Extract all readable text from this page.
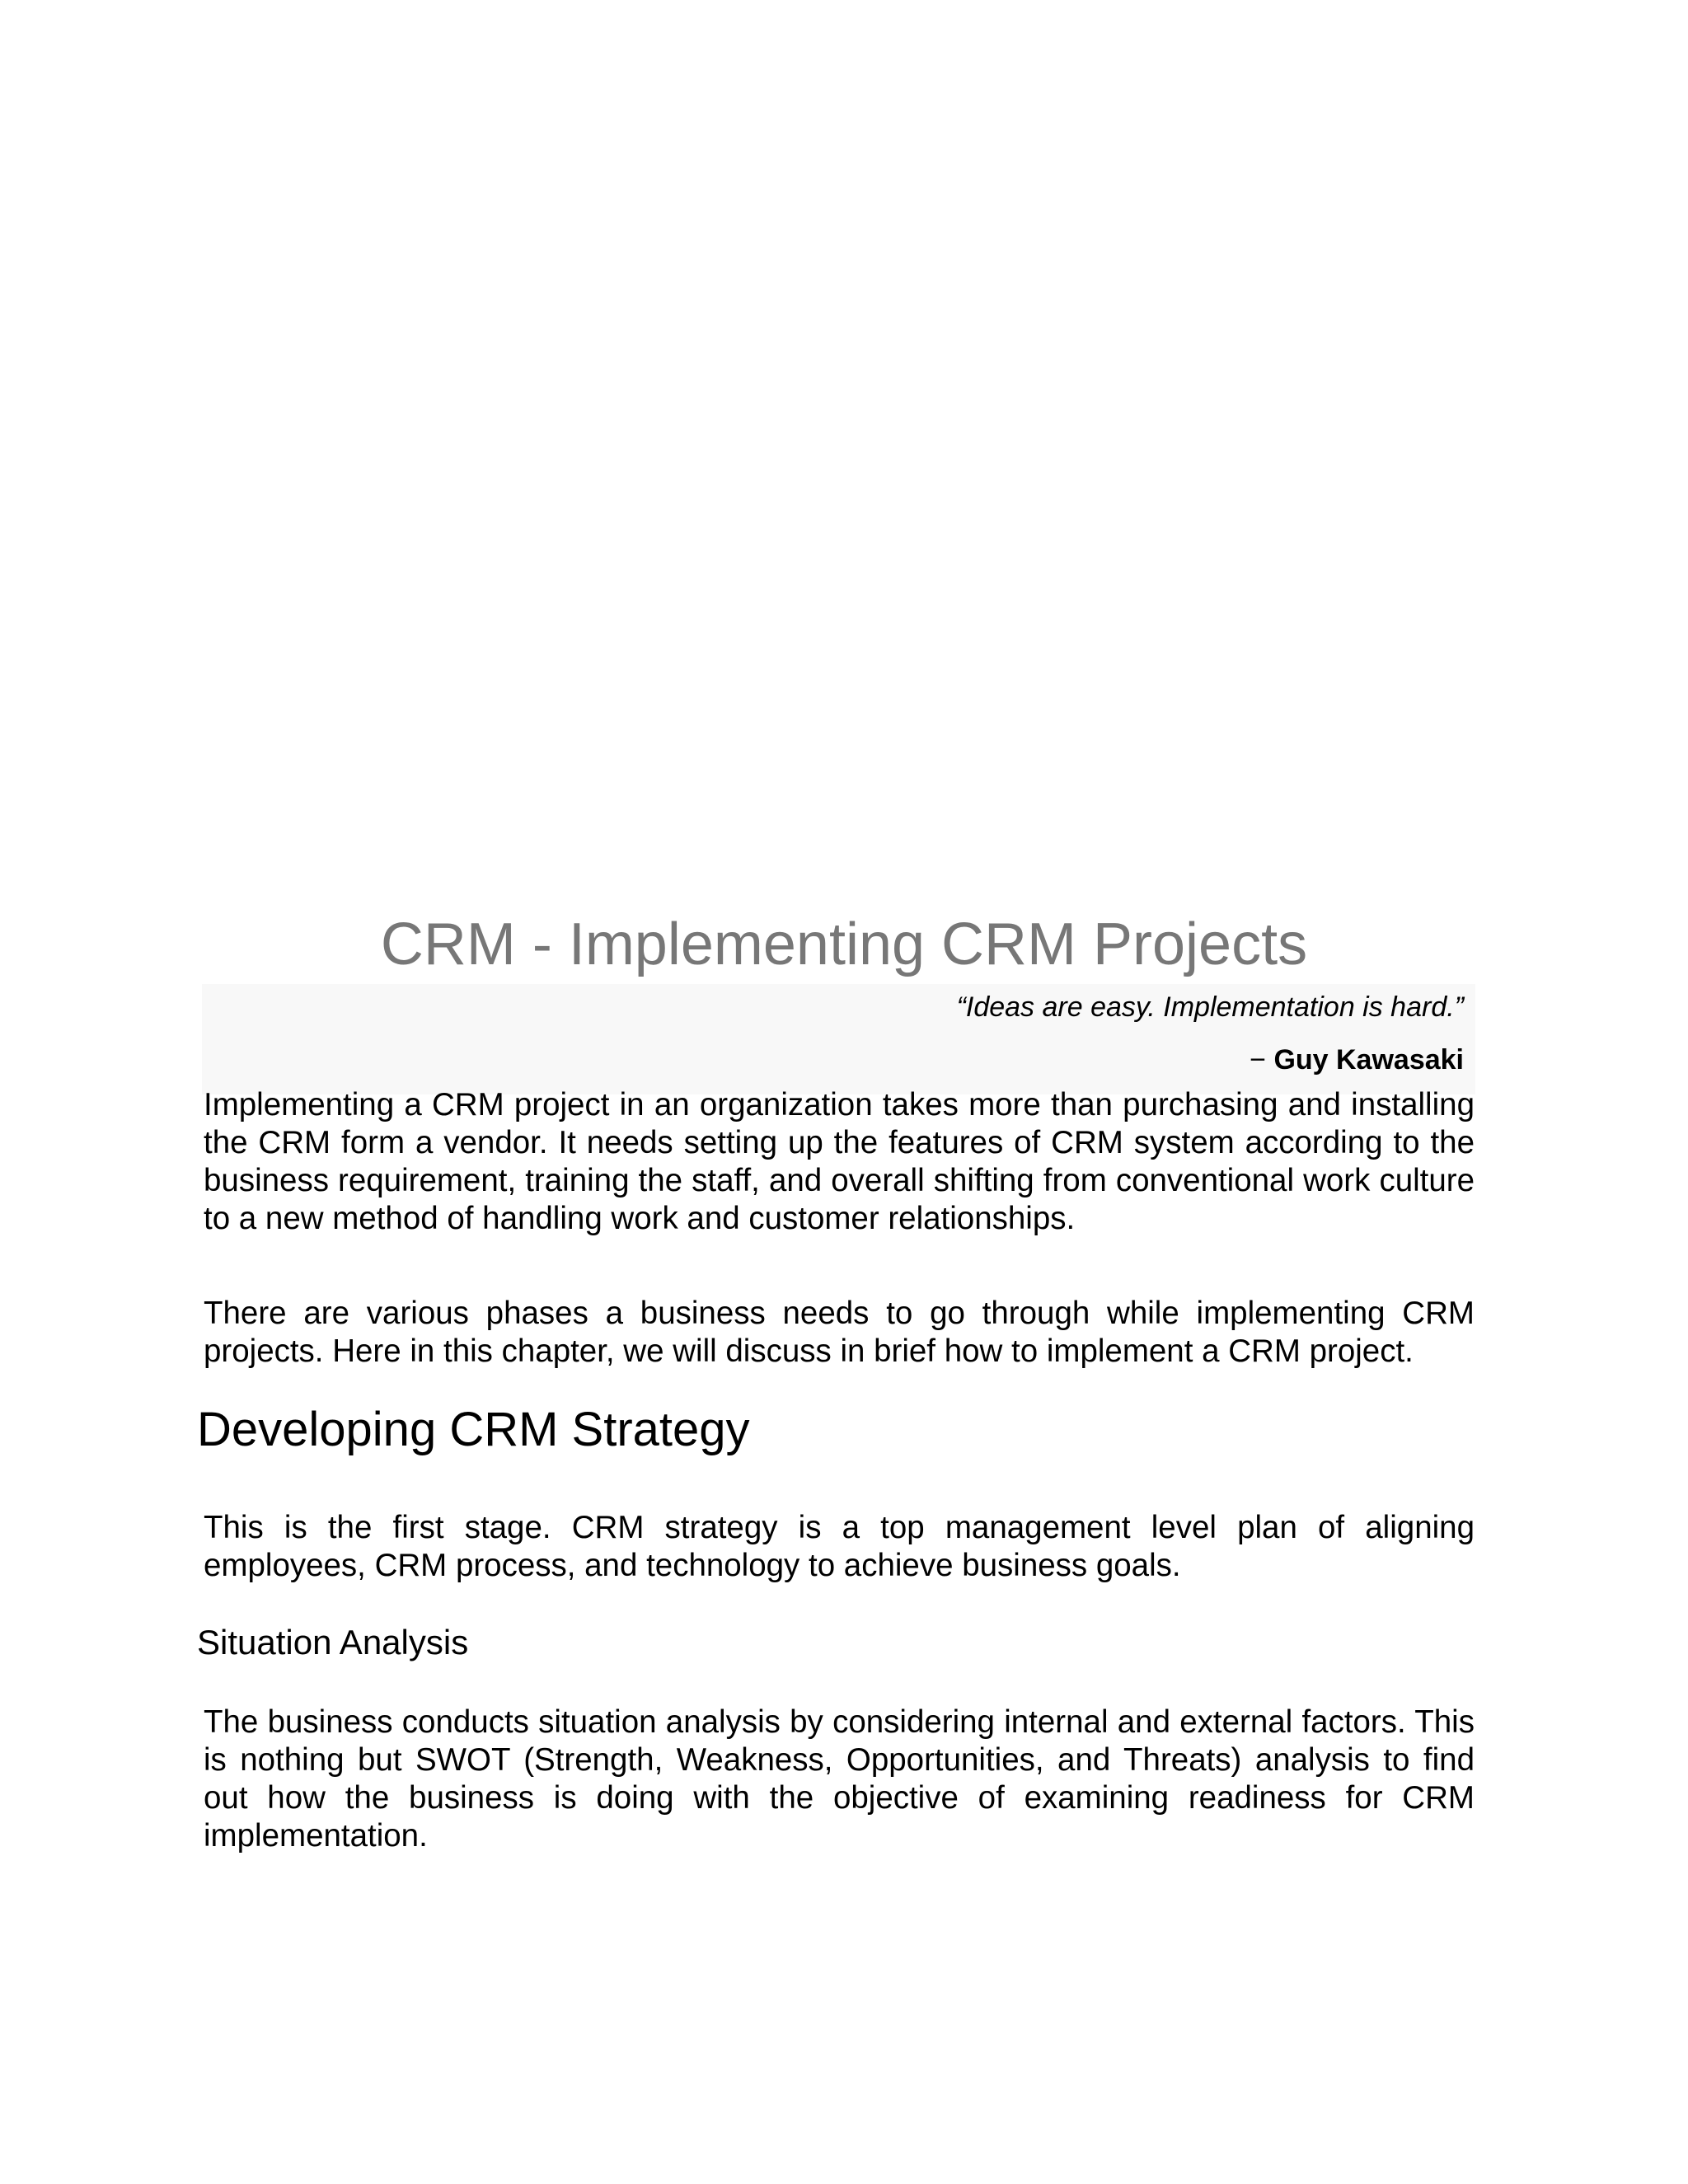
CRM - Implementing CRM Projects
“Ideas are easy. Implementation is hard.”
− Guy Kawasaki

Implementing a CRM project in an organization takes more than purchasing and installing the CRM form a vendor. It needs setting up the features of CRM system according to the business requirement, training the staff, and overall shifting from conventional work culture to a new method of handling work and customer relationships.

There are various phases a business needs to go through while implementing CRM projects. Here in this chapter, we will discuss in brief how to implement a CRM project.

Developing CRM Strategy

This is the first stage. CRM strategy is a top management level plan of aligning employees, CRM process, and technology to achieve business goals.

Situation Analysis

The business conducts situation analysis by considering internal and external factors. This is nothing but SWOT (Strength, Weakness, Opportunities, and Threats) analysis to find out how the business is doing with the objective of examining readiness for CRM implementation.
